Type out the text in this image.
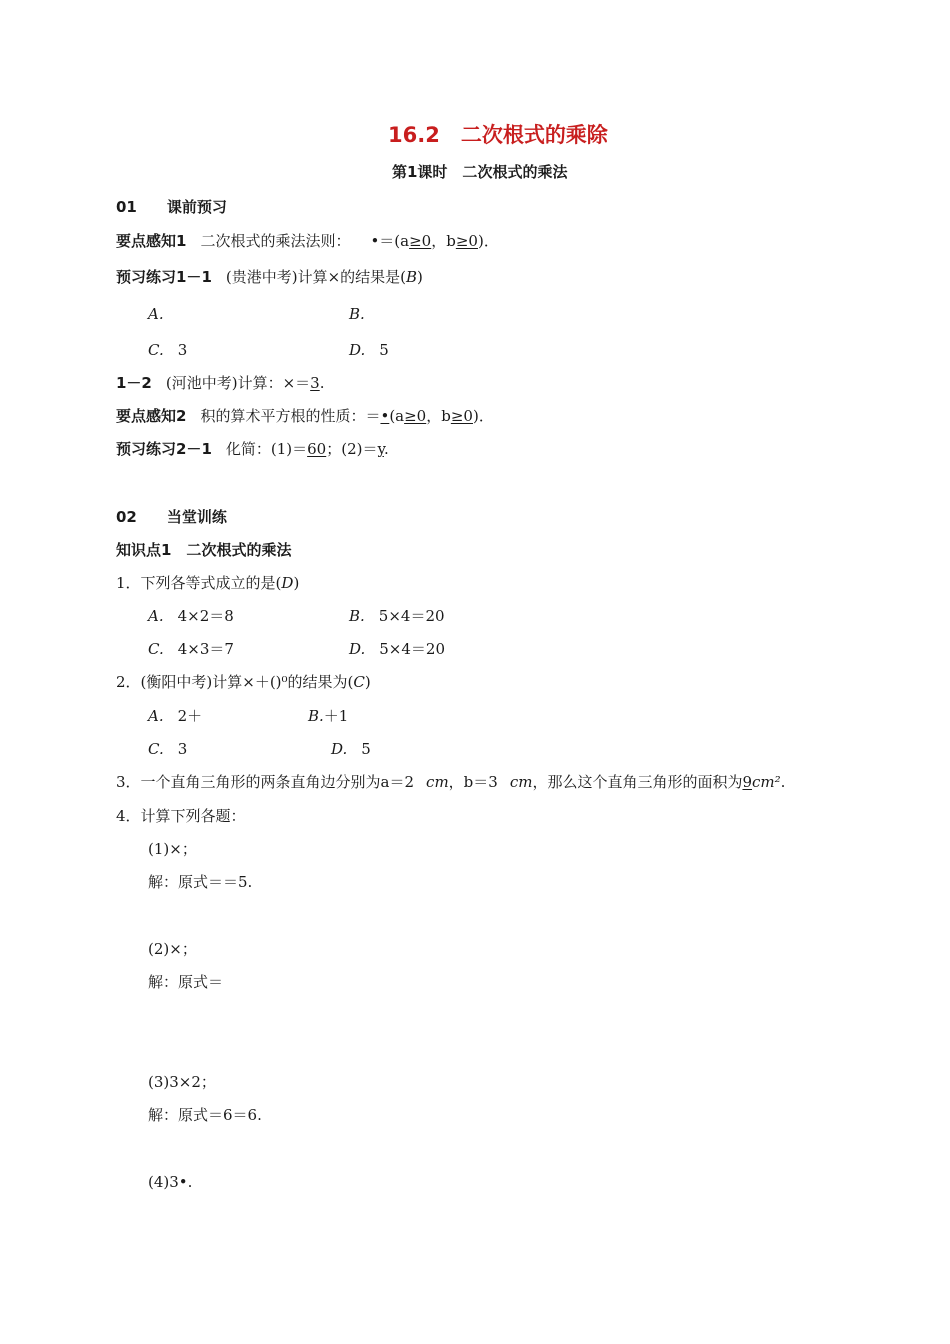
16.2　二次根式的乘除
第1课时　二次根式的乘法
01 课前预习
要点感知1 二次根式的乘法法则： •＝(a≥0，b≥0)．
预习练习1－1 (贵港中考)计算×的结果是(B)
A.	B.
C. 3	D. 5
1－2 (河池中考)计算：×＝3.
要点感知2 积的算术平方根的性质：＝•(a≥0，b≥0)．
预习练习2－1 化简：(1)＝60；(2)＝y.
02 当堂训练
知识点1　二次根式的乘法
1．下列各等式成立的是(D)
A. 4×2＝8	B. 5×4＝20
C. 4×3＝7	D. 5×4＝20
2．(衡阳中考)计算×＋()⁰的结果为(C)
A. 2＋	B.＋1
C. 3	D. 5
3．一个直角三角形的两条直角边分别为a＝2 cm，b＝3 cm，那么这个直角三角形的面积为9cm².
4．计算下列各题：
(1)×；
解：原式＝＝5.
(2)×；
解：原式＝
(3)3×2；
解：原式＝6＝6.
(4)3•.
